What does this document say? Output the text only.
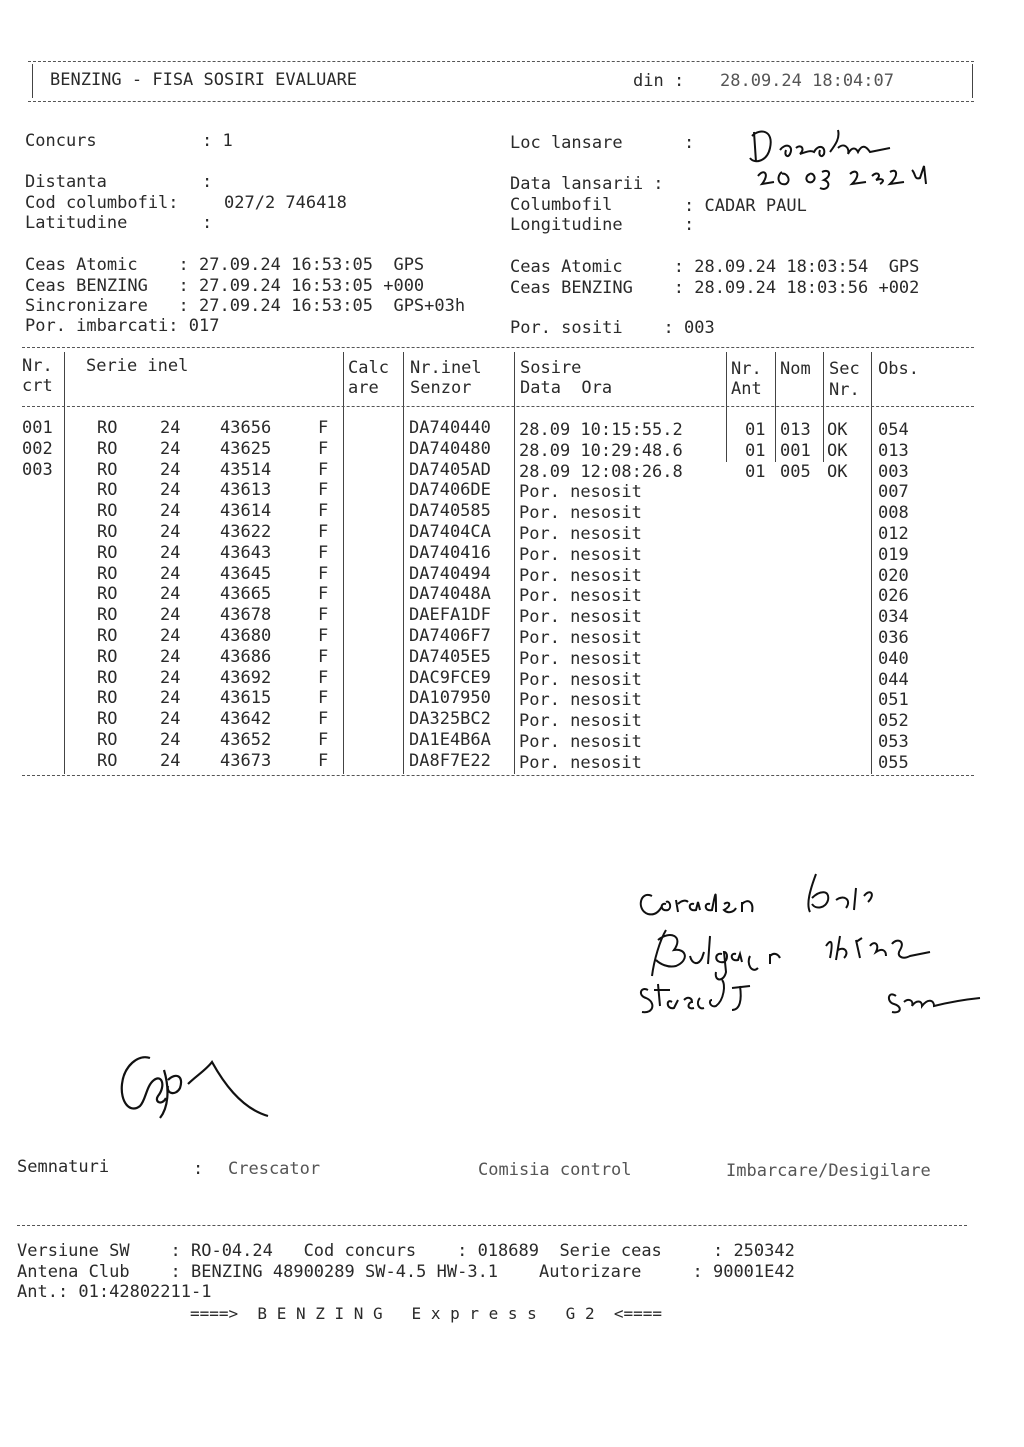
BENZING - FISA SOSIRI EVALUARE	din : 28.09.24 18:04:07
Concurs	: 1	Loc lansare	:
Distanta	:	Data lansarii :
Cod columbofil:	027/2 746418	Columbofil	: CADAR PAUL
Latitudine	:	Longitudine	:
Ceas Atomic    : 27.09.24 16:53:05  GPS	Ceas Atomic     : 28.09.24 18:03:54  GPS
Ceas BENZING   : 27.09.24 16:53:05 +000	Ceas BENZING    : 28.09.24 18:03:56 +002
Sincronizare   : 27.09.24 16:53:05  GPS+03h
Por. imbarcati: 017	Por. sositi    : 003
Nr.
crt
Serie inel	Calc
are
Nr.inel
Senzor
Sosire
Data  Ora
Nr.
Ant
Nom Sec
Nr.
Obs.
001	RO	24 43656	F	DA740440 28.09 10:15:55.2	01 013 OK 054
002	RO	24 43625	F	DA740480 28.09 10:29:48.6	01 001 OK 013
003	RO	24 43514	F	DA7405AD 28.09 12:08:26.8	01 005 OK 003
RO	24 43613	F	DA7406DE Por. nesosit	007
RO	24 43614	F	DA740585 Por. nesosit	008
RO	24 43622	F	DA7404CA Por. nesosit	012
RO	24 43643	F	DA740416 Por. nesosit	019
RO	24 43645	F	DA740494 Por. nesosit	020
RO	24 43665	F	DA74048A Por. nesosit	026
RO	24 43678	F	DAEFA1DF Por. nesosit	034
RO	24 43680	F	DA7406F7 Por. nesosit	036
RO	24 43686	F	DA7405E5 Por. nesosit	040
RO	24 43692	F	DAC9FCE9 Por. nesosit	044
RO	24 43615	F	DA107950 Por. nesosit	051
RO	24 43642	F	DA325BC2 Por. nesosit	052
RO	24 43652	F	DA1E4B6A Por. nesosit	053
RO	24 43673	F	DA8F7E22 Por. nesosit	055
Semnaturi	: Crescator	Comisia control	Imbarcare/Desigilare
Versiune SW    : RO-04.24   Cod concurs    : 018689  Serie ceas     : 250342
Antena Club    : BENZING 48900289 SW-4.5 HW-3.1    Autorizare     : 90001E42
Ant.: 01:42802211-1
====>  B E N Z I N G   E x p r e s s   G 2  <====
